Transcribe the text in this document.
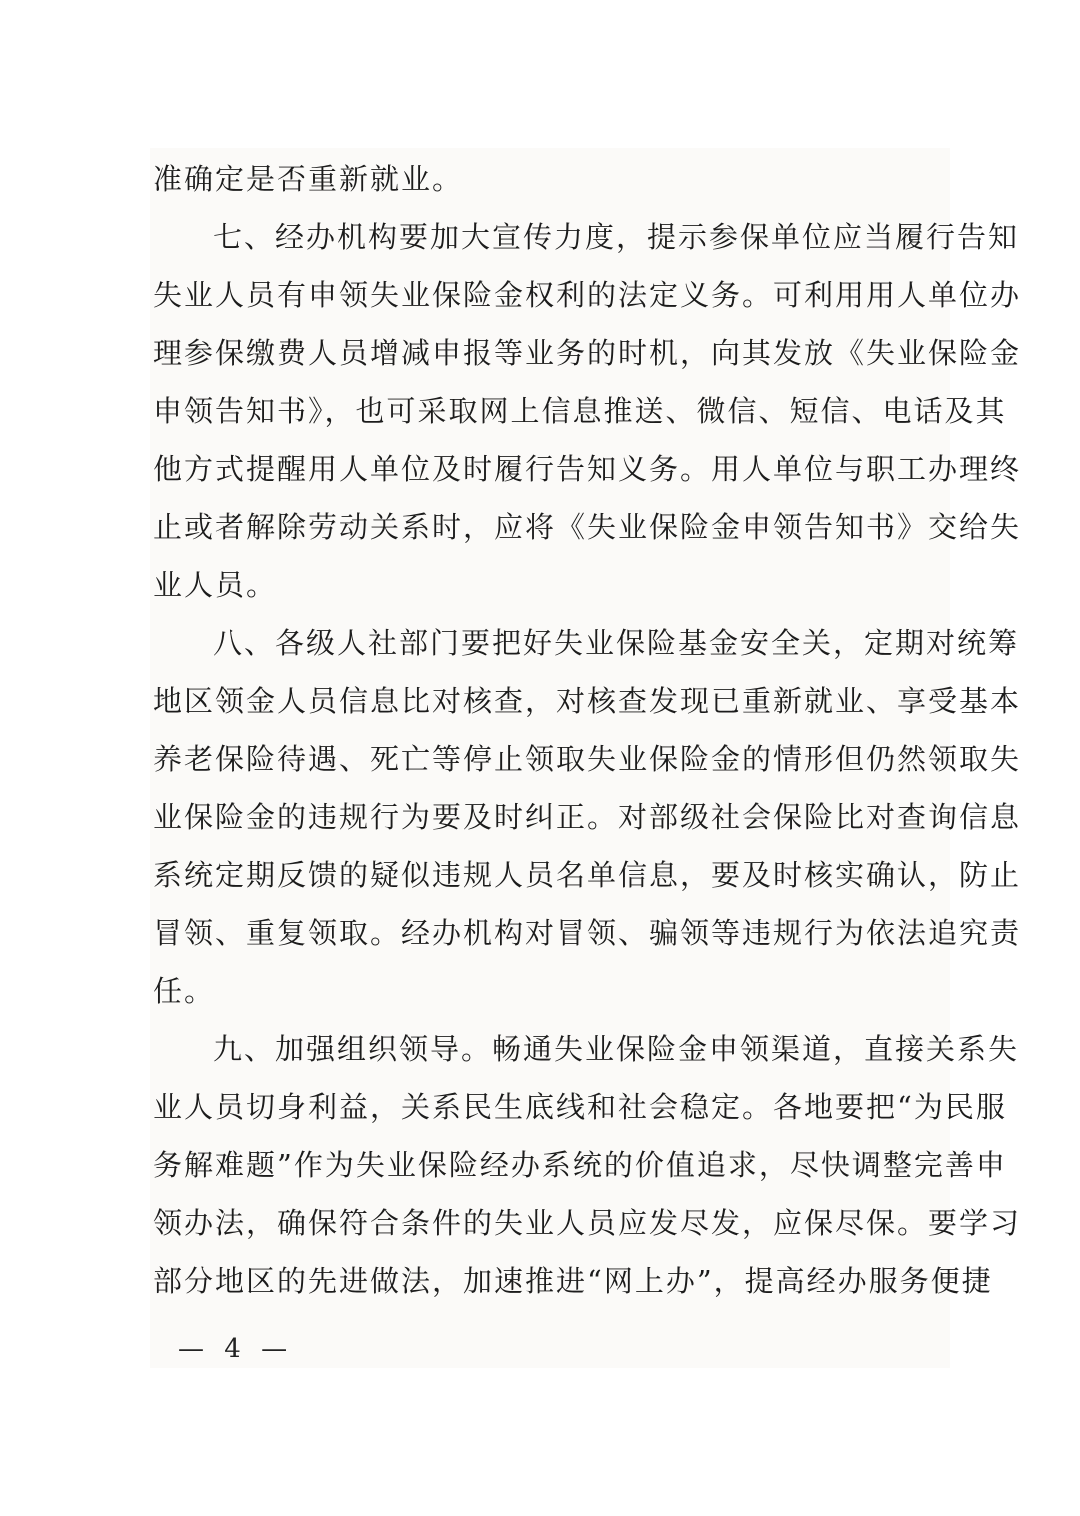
准确定是否重新就业。
七、经办机构要加大宣传力度，提示参保单位应当履行告知
失业人员有申领失业保险金权利的法定义务。可利用用人单位办
理参保缴费人员增减申报等业务的时机，向其发放《失业保险金
申领告知书》，也可采取网上信息推送、微信、短信、电话及其
他方式提醒用人单位及时履行告知义务。用人单位与职工办理终
止或者解除劳动关系时，应将《失业保险金申领告知书》交给失
业人员。
八、各级人社部门要把好失业保险基金安全关，定期对统筹
地区领金人员信息比对核查，对核查发现已重新就业、享受基本
养老保险待遇、死亡等停止领取失业保险金的情形但仍然领取失
业保险金的违规行为要及时纠正。对部级社会保险比对查询信息
系统定期反馈的疑似违规人员名单信息，要及时核实确认，防止
冒领、重复领取。经办机构对冒领、骗领等违规行为依法追究责
任。
九、加强组织领导。畅通失业保险金申领渠道，直接关系失
业人员切身利益，关系民生底线和社会稳定。各地要把“为民服
务解难题”作为失业保险经办系统的价值追求，尽快调整完善申
领办法，确保符合条件的失业人员应发尽发，应保尽保。要学习
部分地区的先进做法，加速推进“网上办”，提高经办服务便捷
— 4 —
